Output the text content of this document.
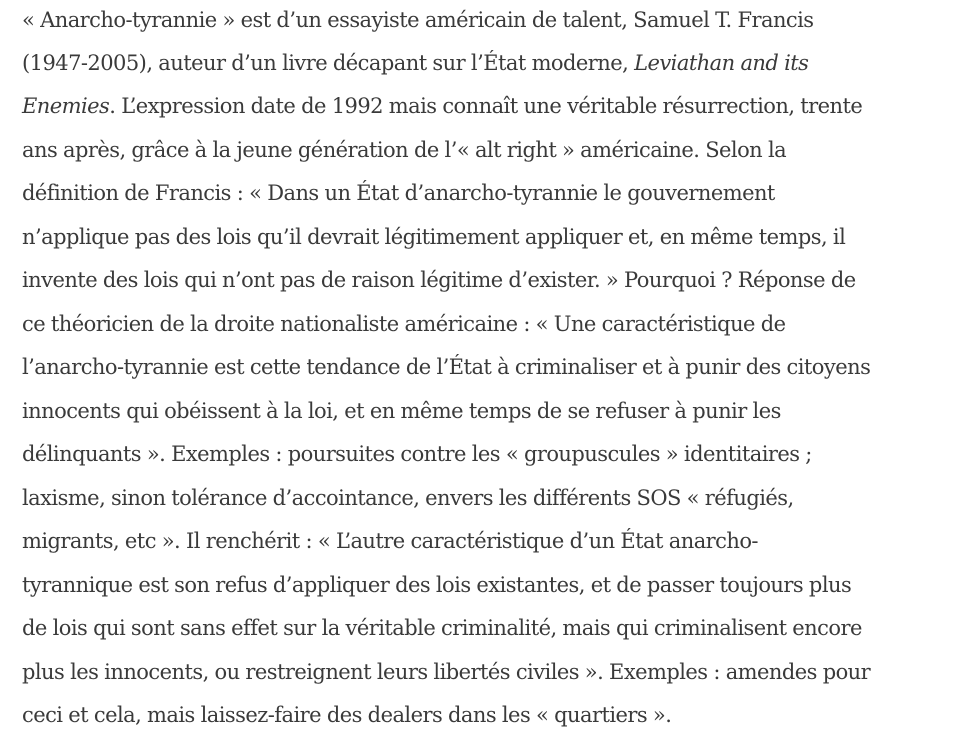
« Anarcho-tyrannie » est d’un essayiste américain de talent, Samuel T. Francis
(1947-2005), auteur d’un livre décapant sur l’État moderne, Leviathan and its
Enemies. L’expression date de 1992 mais connaît une véritable résurrection, trente
ans après, grâce à la jeune génération de l’« alt right » américaine. Selon la
définition de Francis : « Dans un État d’anarcho-tyrannie le gouvernement
n’applique pas des lois qu’il devrait légitimement appliquer et, en même temps, il
invente des lois qui n’ont pas de raison légitime d’exister. » Pourquoi ? Réponse de
ce théoricien de la droite nationaliste américaine : « Une caractéristique de
l’anarcho-tyrannie est cette tendance de l’État à criminaliser et à punir des citoyens
innocents qui obéissent à la loi, et en même temps de se refuser à punir les
délinquants ». Exemples : poursuites contre les « groupuscules » identitaires ;
laxisme, sinon tolérance d’accointance, envers les différents SOS « réfugiés,
migrants, etc ». Il renchérit : « L’autre caractéristique d’un État anarcho-
tyrannique est son refus d’appliquer des lois existantes, et de passer toujours plus
de lois qui sont sans effet sur la véritable criminalité, mais qui criminalisent encore
plus les innocents, ou restreignent leurs libertés civiles ». Exemples : amendes pour
ceci et cela, mais laissez-faire des dealers dans les « quartiers ».
